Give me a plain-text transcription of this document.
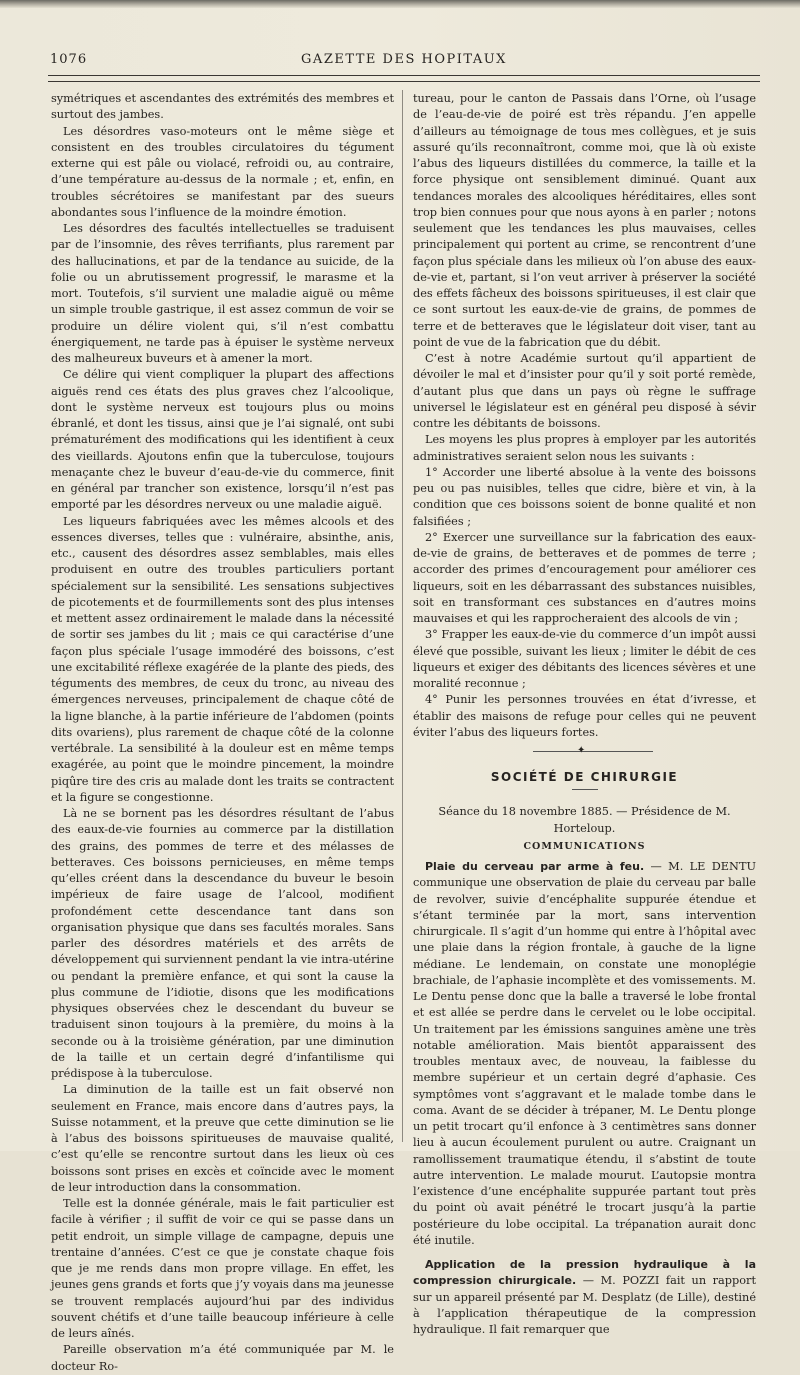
GAZETTE DES HOPITAUX
1076

symétriques et ascendantes des extrémités des membres et surtout des jambes.

Les désordres vaso-moteurs ont le même siège et consistent en des troubles circulatoires du tégument externe qui est pâle ou violacé, refroidi ou, au contraire, d’une température au-dessus de la normale ; et, enfin, en troubles sécrétoires se manifestant par des sueurs abondantes sous l’influence de la moindre émotion.

Les désordres des facultés intellectuelles se traduisent par de l’insomnie, des rêves terrifiants, plus rarement par des hallucinations, et par de la tendance au suicide, de la folie ou un abrutissement progressif, le marasme et la mort. Toutefois, s’il survient une maladie aiguë ou même un simple trouble gastrique, il est assez commun de voir se produire un délire violent qui, s’il n’est combattu énergiquement, ne tarde pas à épuiser le système nerveux des malheureux buveurs et à amener la mort.

Ce délire qui vient compliquer la plupart des affections aiguës rend ces états des plus graves chez l’alcoolique, dont le système nerveux est toujours plus ou moins ébranlé, et dont les tissus, ainsi que je l’ai signalé, ont subi prématurément des modifications qui les identifient à ceux des vieillards. Ajoutons enfin que la tuberculose, toujours menaçante chez le buveur d’eau-de-vie du commerce, finit en général par trancher son existence, lorsqu’il n’est pas emporté par les désordres nerveux ou une maladie aiguë.

Les liqueurs fabriquées avec les mêmes alcools et des essences diverses, telles que : vulnéraire, absinthe, anis, etc., causent des désordres assez semblables, mais elles produisent en outre des troubles particuliers portant spécialement sur la sensibilité. Les sensations subjectives de picotements et de fourmillements sont des plus intenses et mettent assez ordinairement le malade dans la nécessité de sortir ses jambes du lit ; mais ce qui caractérise d’une façon plus spéciale l’usage immodéré des boissons, c’est une excitabilité réflexe exagérée de la plante des pieds, des téguments des membres, de ceux du tronc, au niveau des émergences nerveuses, principalement de chaque côté de la ligne blanche, à la partie inférieure de l’abdomen (points dits ovariens), plus rarement de chaque côté de la colonne vertébrale. La sensibilité à la douleur est en même temps exagérée, au point que le moindre pincement, la moindre piqûre tire des cris au malade dont les traits se contractent et la figure se congestionne.

Là ne se bornent pas les désordres résultant de l’abus des eaux-de-vie fournies au commerce par la distillation des grains, des pommes de terre et des mélasses de betteraves. Ces boissons pernicieuses, en même temps qu’elles créent dans la descendance du buveur le besoin impérieux de faire usage de l’alcool, modifient profondément cette descendance tant dans son organisation physique que dans ses facultés morales. Sans parler des désordres matériels et des arrêts de développement qui surviennent pendant la vie intra-utérine ou pendant la première enfance, et qui sont la cause la plus commune de l’idiotie, disons que les modifications physiques observées chez le descendant du buveur se traduisent sinon toujours à la première, du moins à la seconde ou à la troisième génération, par une diminution de la taille et un certain degré d’infantilisme qui prédispose à la tuberculose.

La diminution de la taille est un fait observé non seulement en France, mais encore dans d’autres pays, la Suisse notamment, et la preuve que cette diminution se lie à l’abus des boissons spiritueuses de mauvaise qualité, c’est qu’elle se rencontre surtout dans les lieux où ces boissons sont prises en excès et coïncide avec le moment de leur introduction dans la consommation.

Telle est la donnée générale, mais le fait particulier est facile à vérifier ; il suffit de voir ce qui se passe dans un petit endroit, un simple village de campagne, depuis une trentaine d’années. C’est ce que je constate chaque fois que je me rends dans mon propre village. En effet, les jeunes gens grands et forts que j’y voyais dans ma jeunesse se trouvent remplacés aujourd’hui par des individus souvent chétifs et d’une taille beaucoup inférieure à celle de leurs aînés.

Pareille observation m’a été communiquée par M. le docteur Ro-

tureau, pour le canton de Passais dans l’Orne, où l’usage de l’eau-de-vie de poiré est très répandu. J’en appelle d’ailleurs au témoignage de tous mes collègues, et je suis assuré qu’ils reconnaîtront, comme moi, que là où existe l’abus des liqueurs distillées du commerce, la taille et la force physique ont sensiblement diminué. Quant aux tendances morales des alcooliques héréditaires, elles sont trop bien connues pour que nous ayons à en parler ; notons seulement que les tendances les plus mauvaises, celles principalement qui portent au crime, se rencontrent d’une façon plus spéciale dans les milieux où l’on abuse des eaux-de-vie et, partant, si l’on veut arriver à préserver la société des effets fâcheux des boissons spiritueuses, il est clair que ce sont surtout les eaux-de-vie de grains, de pommes de terre et de betteraves que le législateur doit viser, tant au point de vue de la fabrication que du débit.

C’est à notre Académie surtout qu’il appartient de dévoiler le mal et d’insister pour qu’il y soit porté remède, d’autant plus que dans un pays où règne le suffrage universel le législateur est en général peu disposé à sévir contre les débitants de boissons.

Les moyens les plus propres à employer par les autorités administratives seraient selon nous les suivants :

1° Accorder une liberté absolue à la vente des boissons peu ou pas nuisibles, telles que cidre, bière et vin, à la condition que ces boissons soient de bonne qualité et non falsifiées ;

2° Exercer une surveillance sur la fabrication des eaux-de-vie de grains, de betteraves et de pommes de terre ; accorder des primes d’encouragement pour améliorer ces liqueurs, soit en les débarrassant des substances nuisibles, soit en transformant ces substances en d’autres moins mauvaises et qui les rapprocheraient des alcools de vin ;

3° Frapper les eaux-de-vie du commerce d’un impôt aussi élevé que possible, suivant les lieux ; limiter le débit de ces liqueurs et exiger des débitants des licences sévères et une moralité reconnue ;

4° Punir les personnes trouvées en état d’ivresse, et établir des maisons de refuge pour celles qui ne peuvent éviter l’abus des liqueurs fortes.

✦
SOCIÉTÉ DE CHIRURGIE

Séance du 18 novembre 1885. — Présidence de M. Horteloup.

COMMUNICATIONS

Plaie du cerveau par arme à feu. — M. LE DENTU communique une observation de plaie du cerveau par balle de revolver, suivie d’encéphalite suppurée étendue et s’étant terminée par la mort, sans intervention chirurgicale. Il s’agit d’un homme qui entre à l’hôpital avec une plaie dans la région frontale, à gauche de la ligne médiane. Le lendemain, on constate une monoplégie brachiale, de l’aphasie incomplète et des vomissements. M. Le Dentu pense donc que la balle a traversé le lobe frontal et est allée se perdre dans le cervelet ou le lobe occipital. Un traitement par les émissions sanguines amène une très notable amélioration. Mais bientôt apparaissent des troubles mentaux avec, de nouveau, la faiblesse du membre supérieur et un certain degré d’aphasie. Ces symptômes vont s’aggravant et le malade tombe dans le coma. Avant de se décider à trépaner, M. Le Dentu plonge un petit trocart qu’il enfonce à 3 centimètres sans donner lieu à aucun écoulement purulent ou autre. Craignant un ramollissement traumatique étendu, il s’abstint de toute autre intervention. Le malade mourut. L’autopsie montra l’existence d’une encéphalite suppurée partant tout près du point où avait pénétré le trocart jusqu’à la partie postérieure du lobe occipital. La trépanation aurait donc été inutile.

Application de la pression hydraulique à la compression chirurgicale. — M. POZZI fait un rapport sur un appareil présenté par M. Desplatz (de Lille), destiné à l’application thérapeutique de la compression hydraulique. Il fait remarquer que
